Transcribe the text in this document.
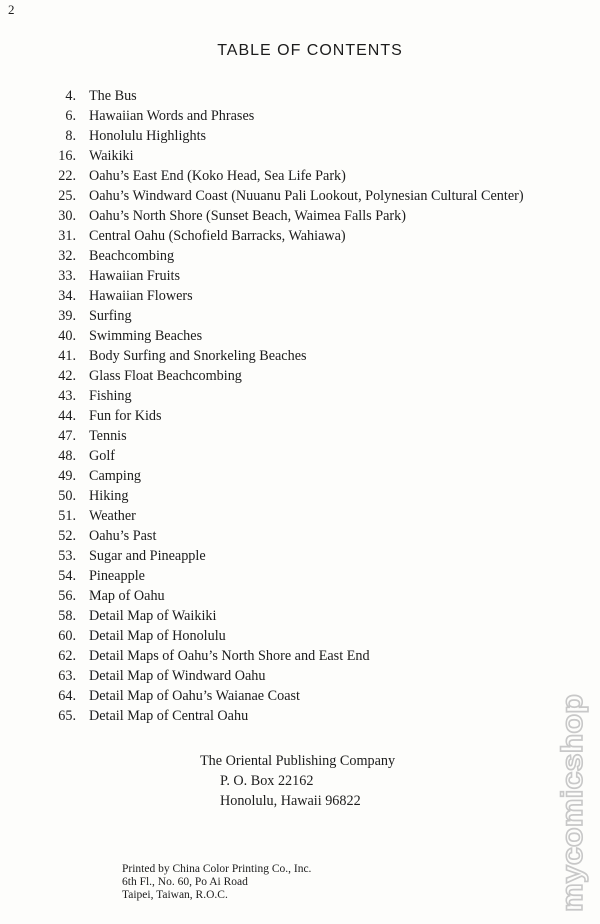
2
TABLE OF CONTENTS
4. The Bus
6. Hawaiian Words and Phrases
8. Honolulu Highlights
16. Waikiki
22. Oahu’s East End (Koko Head, Sea Life Park)
25. Oahu’s Windward Coast (Nuuanu Pali Lookout, Polynesian Cultural Center)
30. Oahu’s North Shore (Sunset Beach, Waimea Falls Park)
31. Central Oahu (Schofield Barracks, Wahiawa)
32. Beachcombing
33. Hawaiian Fruits
34. Hawaiian Flowers
39. Surfing
40. Swimming Beaches
41. Body Surfing and Snorkeling Beaches
42. Glass Float Beachcombing
43. Fishing
44. Fun for Kids
47. Tennis
48. Golf
49. Camping
50. Hiking
51. Weather
52. Oahu’s Past
53. Sugar and Pineapple
54. Pineapple
56. Map of Oahu
58. Detail Map of Waikiki
60. Detail Map of Honolulu
62. Detail Maps of Oahu’s North Shore and East End
63. Detail Map of Windward Oahu
64. Detail Map of Oahu’s Waianae Coast
65. Detail Map of Central Oahu
The Oriental Publishing Company
P. O. Box 22162
Honolulu, Hawaii 96822
Printed by China Color Printing Co., Inc.
6th Fl., No. 60, Po Ai Road
Taipei, Taiwan, R.O.C.	mycomicshop
